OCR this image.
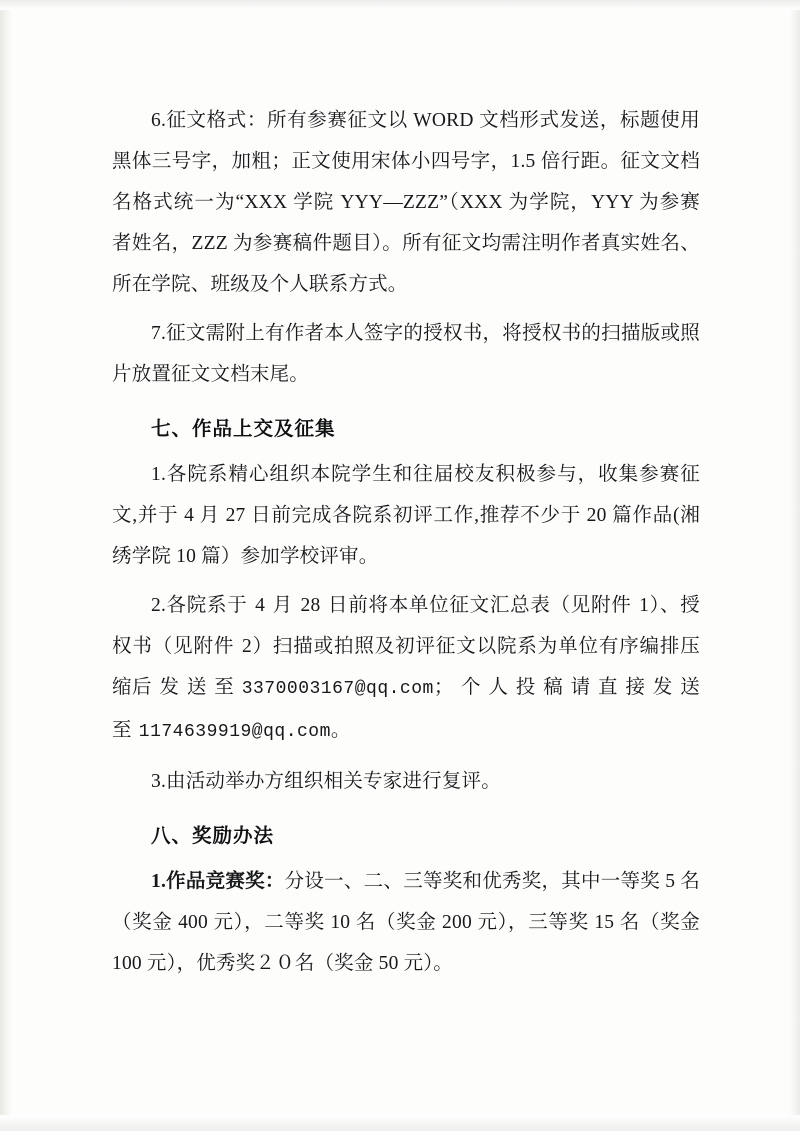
6.征文格式：所有参赛征文以 WORD 文档形式发送，标题使用黑体三号字，加粗；正文使用宋体小四号字，1.5 倍行距。征文文档名格式统一为“XXX 学院 YYY—ZZZ”（XXX 为学院，YYY 为参赛者姓名，ZZZ 为参赛稿件题目）。所有征文均需注明作者真实姓名、所在学院、班级及个人联系方式。

7.征文需附上有作者本人签字的授权书，将授权书的扫描版或照片放置征文文档末尾。

七、作品上交及征集

1.各院系精心组织本院学生和往届校友积极参与，收集参赛征文,并于 4 月 27 日前完成各院系初评工作,推荐不少于 20 篇作品(湘绣学院 10 篇）参加学校评审。

2.各院系于 4 月 28 日前将本单位征文汇总表（见附件 1）、授权书（见附件 2）扫描或拍照及初评征文以院系为单位有序编排压缩后 发 送 至 3370003167@qq.com； 个 人 投 稿 请 直 接 发 送 至 1174639919@qq.com。

3.由活动举办方组织相关专家进行复评。

八、奖励办法

1.作品竞赛奖：分设一、二、三等奖和优秀奖，其中一等奖 5 名（奖金 400 元），二等奖 10 名（奖金 200 元），三等奖 15 名（奖金 100 元），优秀奖２０名（奖金 50 元）。
